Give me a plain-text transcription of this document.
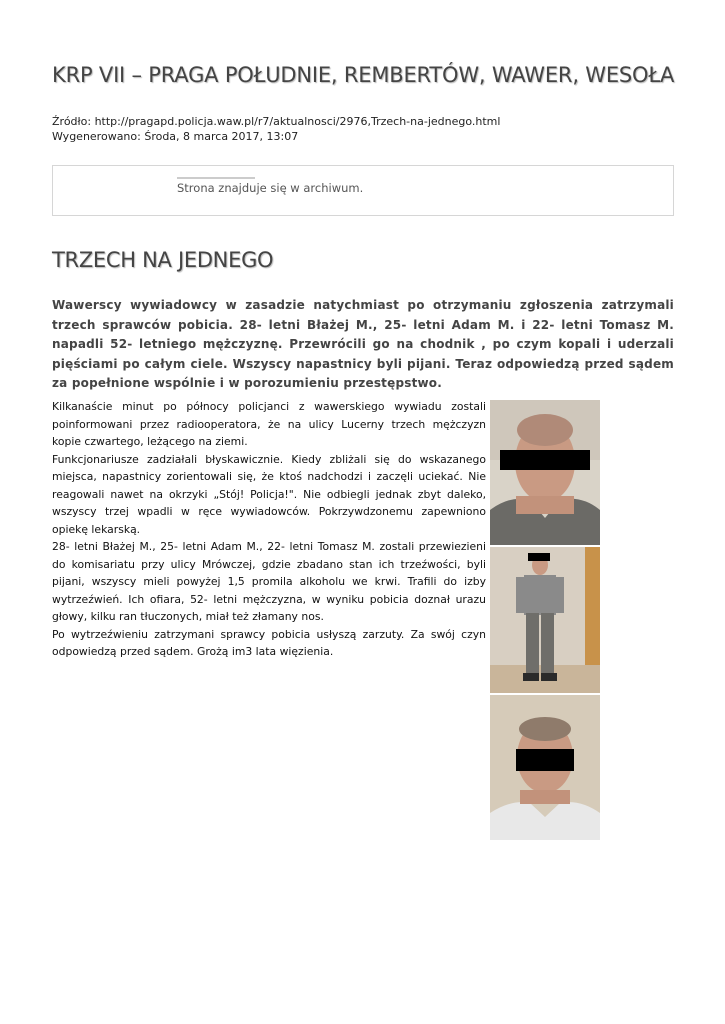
KRP VII – PRAGA POŁUDNIE, REMBERTÓW, WAWER, WESOŁA
Źródło: http://pragapd.policja.waw.pl/r7/aktualnosci/2976,Trzech-na-jednego.html
Wygenerowano: Środa, 8 marca 2017, 13:07
Strona znajduje się w archiwum.
TRZECH NA JEDNEGO
Wawerscy wywiadowcy w zasadzie natychmiast po otrzymaniu zgłoszenia zatrzymali trzech sprawców pobicia. 28- letni Błażej M., 25- letni Adam M. i 22- letni Tomasz M. napadli 52- letniego mężczyznę. Przewrócili go na chodnik , po czym kopali i uderzali pięściami po całym ciele. Wszyscy napastnicy byli pijani. Teraz odpowiedzą przed sądem za popełnione wspólnie i w porozumieniu przestępstwo.

Kilkanaście minut po północy policjanci z wawerskiego wywiadu zostali poinformowani przez radiooperatora, że na ulicy Lucerny trzech mężczyzn kopie czwartego, leżącego na ziemi.

Funkcjonariusze zadziałali błyskawicznie. Kiedy zbliżali się do wskazanego miejsca, napastnicy zorientowali się, że ktoś nadchodzi i zaczęli uciekać. Nie reagowali nawet na okrzyki „Stój! Policja!". Nie odbiegli jednak zbyt daleko, wszyscy trzej wpadli w ręce wywiadowców. Pokrzywdzonemu zapewniono opiekę lekarską.

28- letni Błażej M., 25- letni Adam M., 22- letni Tomasz M. zostali przewiezieni do komisariatu przy ulicy Mrówczej, gdzie zbadano stan ich trzeźwości, byli pijani, wszyscy mieli powyżej 1,5 promila alkoholu we krwi. Trafili do izby wytrzeźwień. Ich ofiara, 52- letni mężczyzna, w wyniku pobicia doznał urazu głowy, kilku ran tłuczonych, miał też złamany nos.

Po wytrzeźwieniu zatrzymani sprawcy pobicia usłyszą zarzuty. Za swój czyn odpowiedzą przed sądem. Grożą im3 lata więzienia.
